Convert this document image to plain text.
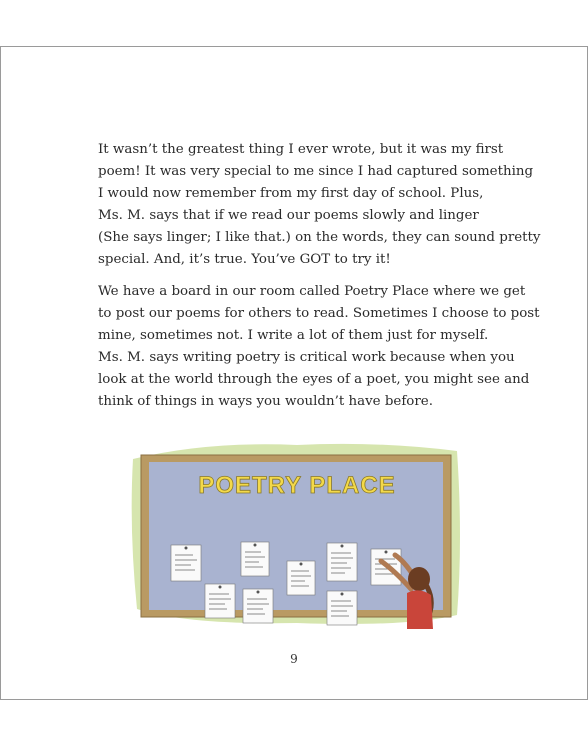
It wasn’t the greatest thing I ever wrote, but it was my first
poem! It was very special to me since I had captured something
I would now remember from my first day of school. Plus,
Ms. M. says that if we read our poems slowly and linger
(She says linger; I like that.) on the words, they can sound pretty
special. And, it’s true. You’ve GOT to try it!

We have a board in our room called Poetry Place where we get
to post our poems for others to read. Sometimes I choose to post
mine, sometimes not. I write a lot of them just for myself.
Ms. M. says writing poetry is critical work because when you
look at the world through the eyes of a poet, you might see and
think of things in ways you wouldn’t have before.

POETRY PLACE
9
